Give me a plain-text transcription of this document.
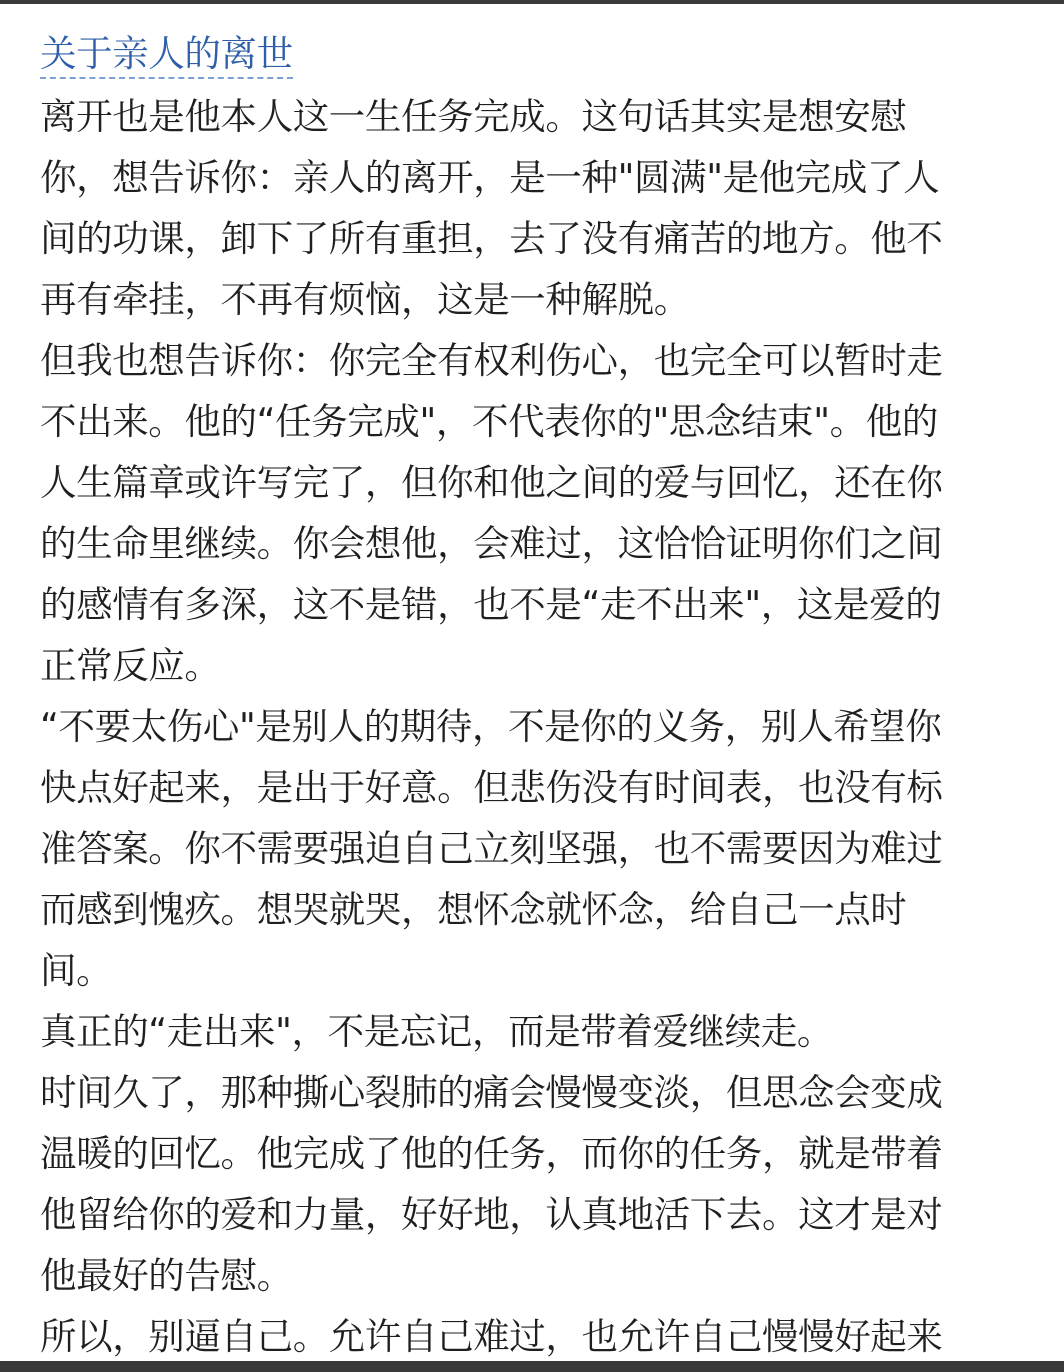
关于亲人的离世
离开也是他本人这一生任务完成。这句话其实是想安慰
你，想告诉你：亲人的离开，是一种"圆满"是他完成了人
间的功课，卸下了所有重担，去了没有痛苦的地方。他不
再有牵挂，不再有烦恼，这是一种解脱。
但我也想告诉你：你完全有权利伤心，也完全可以暂时走
不出来。他的“任务完成"，不代表你的"思念结束"。他的
人生篇章或许写完了，但你和他之间的爱与回忆，还在你
的生命里继续。你会想他，会难过，这恰恰证明你们之间
的感情有多深，这不是错，也不是“走不出来"，这是爱的
正常反应。
“不要太伤心"是别人的期待，不是你的义务，别人希望你
快点好起来，是出于好意。但悲伤没有时间表，也没有标
准答案。你不需要强迫自己立刻坚强，也不需要因为难过
而感到愧疚。想哭就哭，想怀念就怀念，给自己一点时
间。
真正的“走出来"，不是忘记，而是带着爱继续走。
时间久了，那种撕心裂肺的痛会慢慢变淡，但思念会变成
温暖的回忆。他完成了他的任务，而你的任务，就是带着
他留给你的爱和力量，好好地，认真地活下去。这才是对
他最好的告慰。
所以，别逼自己。允许自己难过，也允许自己慢慢好起来
